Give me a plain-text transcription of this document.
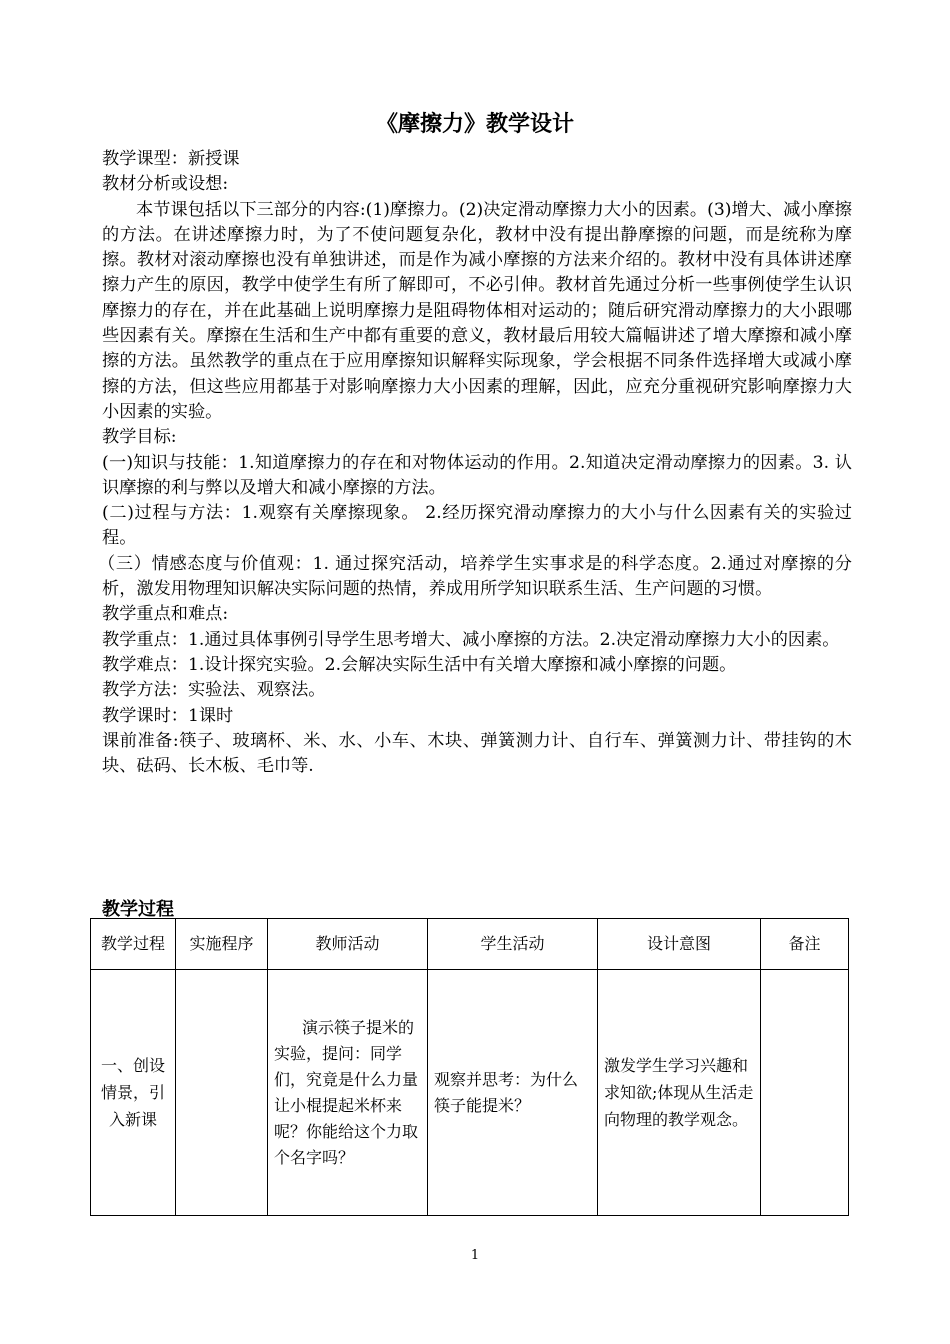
《摩擦力》教学设计

教学课型：新授课

教材分析或设想:

本节课包括以下三部分的内容:(1)摩擦力。(2)决定滑动摩擦力大小的因素。(3)增大、减小摩擦的方法。在讲述摩擦力时，为了不使问题复杂化，教材中没有提出静摩擦的问题，而是统称为摩擦。教材对滚动摩擦也没有单独讲述，而是作为减小摩擦的方法来介绍的。教材中没有具体讲述摩擦力产生的原因，教学中使学生有所了解即可，不必引伸。教材首先通过分析一些事例使学生认识摩擦力的存在，并在此基础上说明摩擦力是阻碍物体相对运动的；随后研究滑动摩擦力的大小跟哪些因素有关。摩擦在生活和生产中都有重要的意义，教材最后用较大篇幅讲述了增大摩擦和减小摩擦的方法。虽然教学的重点在于应用摩擦知识解释实际现象，学会根据不同条件选择增大或减小摩擦的方法，但这些应用都基于对影响摩擦力大小因素的理解，因此，应充分重视研究影响摩擦力大小因素的实验。

教学目标:

(一)知识与技能：1.知道摩擦力的存在和对物体运动的作用。2.知道决定滑动摩擦力的因素。3. 认识摩擦的利与弊以及增大和减小摩擦的方法。

(二)过程与方法：1.观察有关摩擦现象。 2.经历探究滑动摩擦力的大小与什么因素有关的实验过程。

（三）情感态度与价值观：1. 通过探究活动，培养学生实事求是的科学态度。2.通过对摩擦的分析，激发用物理知识解决实际问题的热情，养成用所学知识联系生活、生产问题的习惯。

教学重点和难点:

教学重点：1.通过具体事例引导学生思考增大、减小摩擦的方法。2.决定滑动摩擦力大小的因素。

教学难点：1.设计探究实验。2.会解决实际生活中有关增大摩擦和减小摩擦的问题。

教学方法：实验法、观察法。

教学课时：1课时

课前准备:筷子、玻璃杯、米、水、小车、木块、弹簧测力计、自行车、弹簧测力计、带挂钩的木块、砝码、长木板、毛巾等.

教学过程
教学过程	实施程序	教师活动	学生活动	设计意图	备注
一、创设情景，引入新课		演示筷子提米的实验，提问：同学们，究竟是什么力量让小棍提起米杯来呢？你能给这个力取个名字吗？	观察并思考：为什么筷子能提米？	激发学生学习兴趣和求知欲;体现从生活走向物理的教学观念。	
1
